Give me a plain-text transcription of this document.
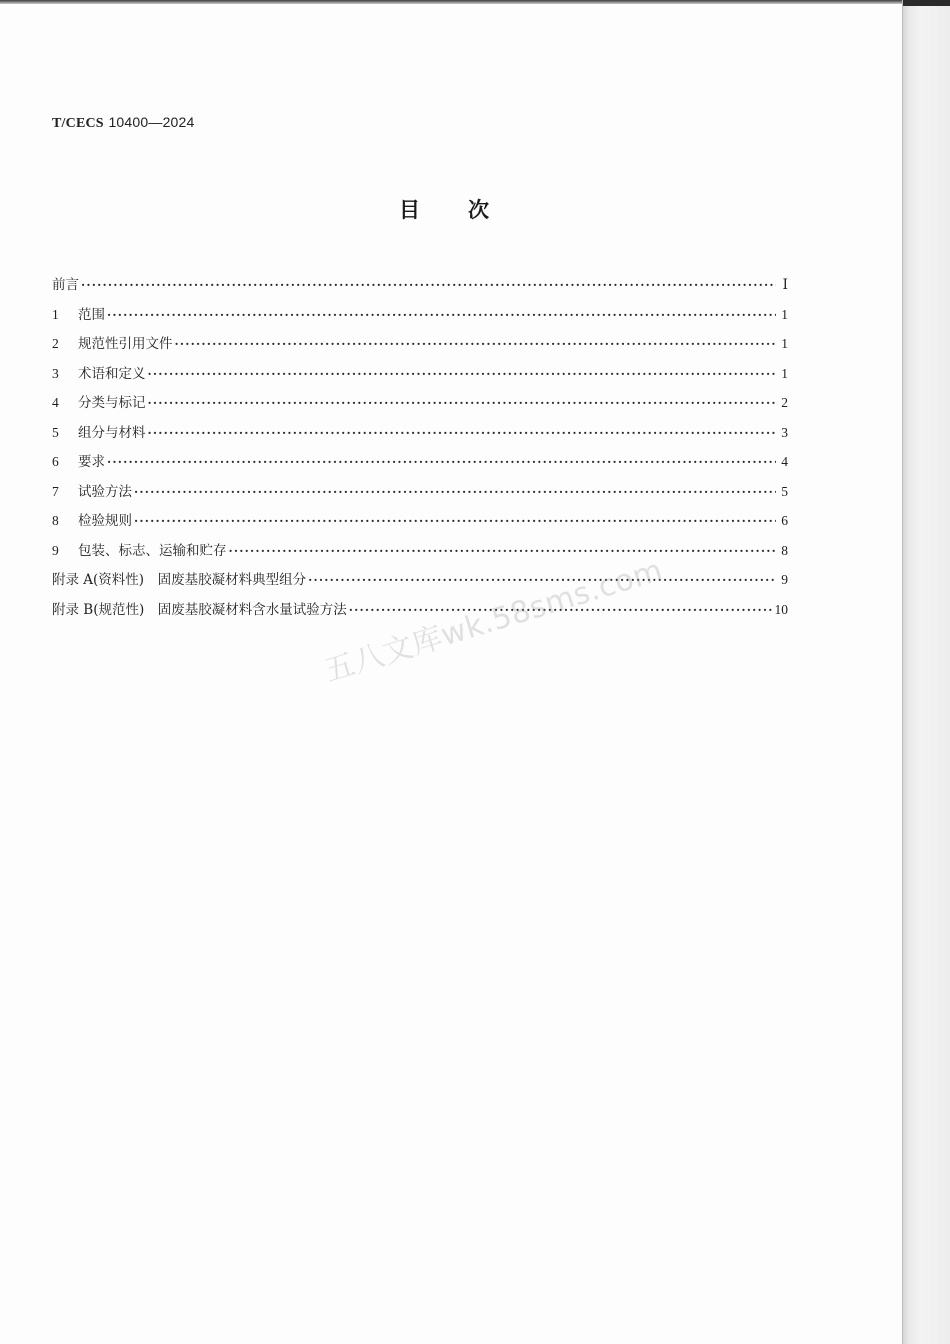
T/CECS 10400—2024
目次
前言 ·····	Ⅰ
1	范围 ·····	1
2	规范性引用文件 ·····	1
3	术语和定义 ·····	1
4	分类与标记 ·····	2
5	组分与材料 ·····	3
6	要求 ·····	4
7	试验方法 ·····	5
8	检验规则 ·····	6
9	包装、标志、运输和贮存 ·····	8
附录 A(资料性)　固废基胶凝材料典型组分 ·····	9
附录 B(规范性)　固废基胶凝材料含水量试验方法 ·····	10
五八文库wk.58sms.com
